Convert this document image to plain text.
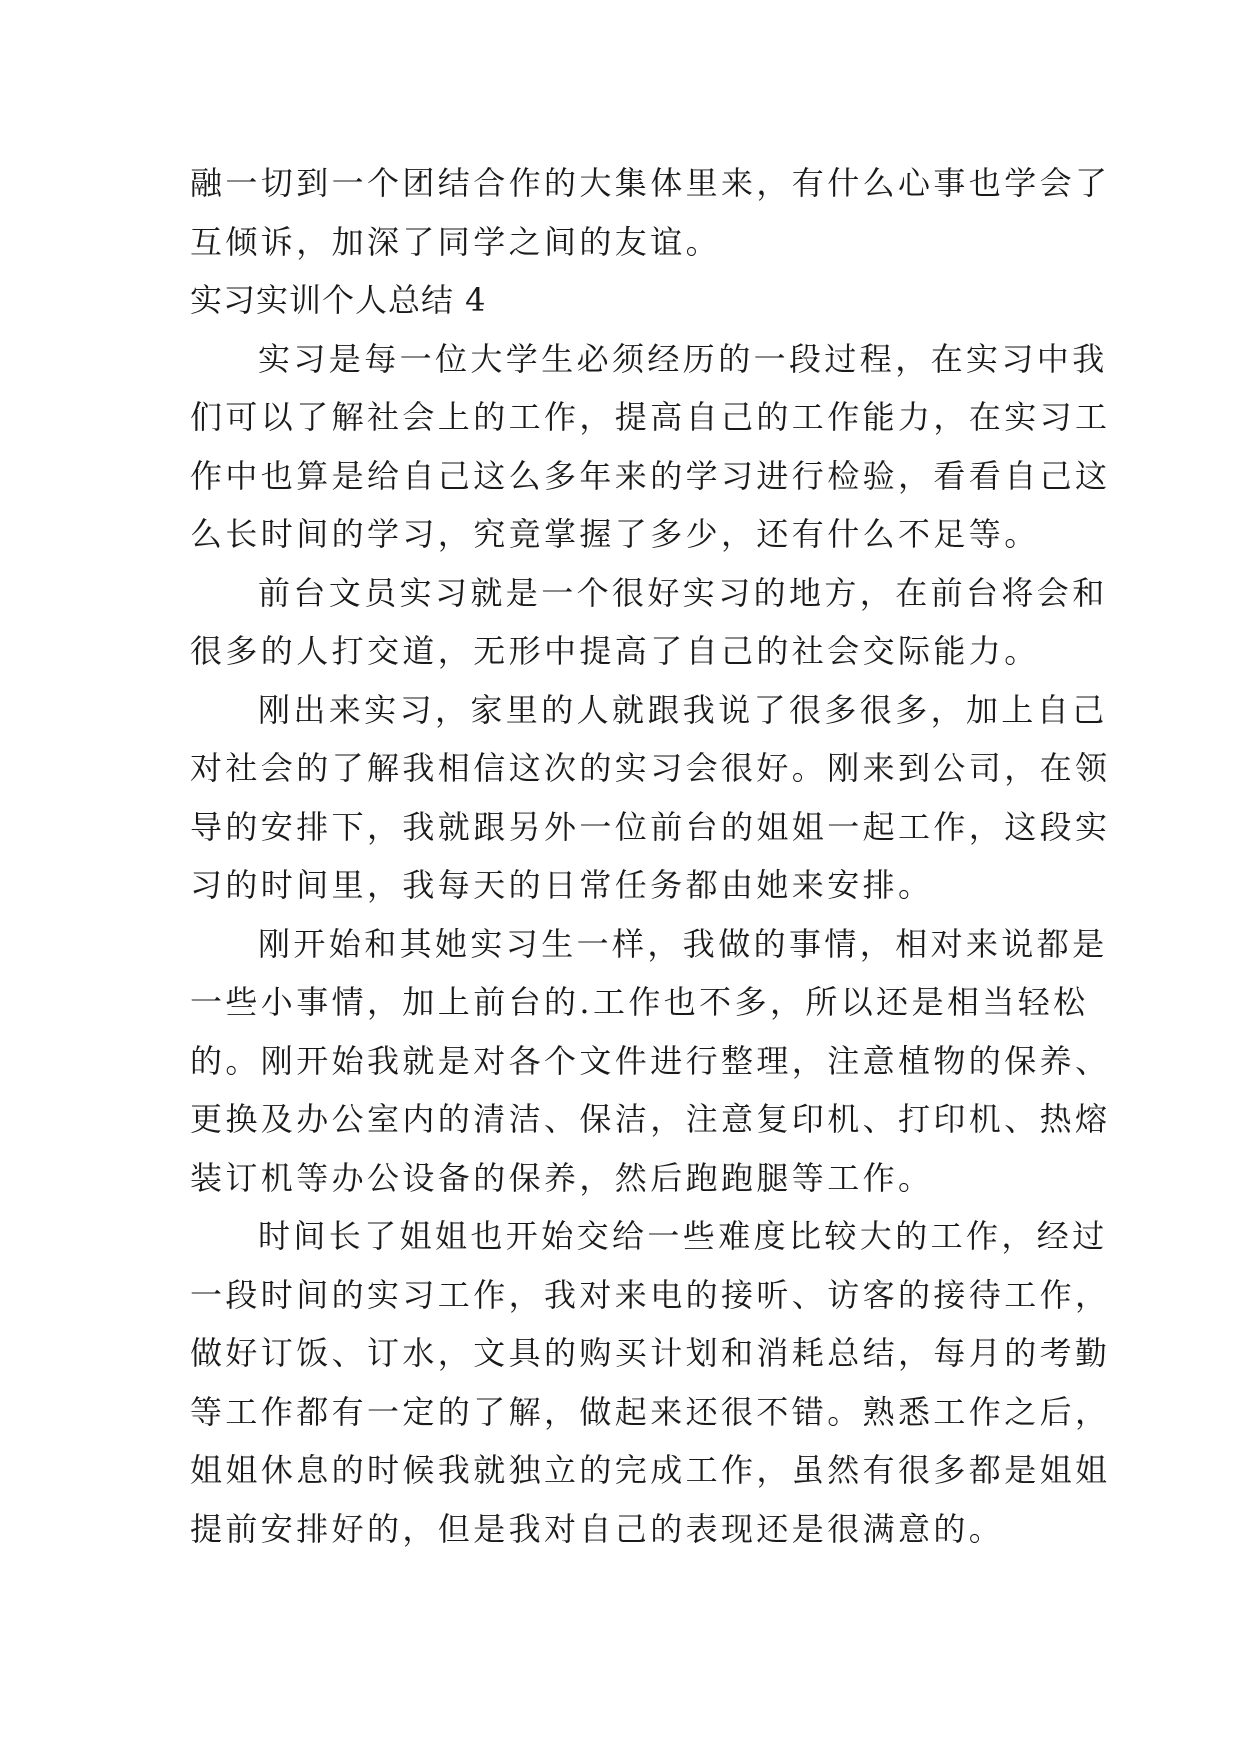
融一切到一个团结合作的大集体里来，有什么心事也学会了
互倾诉，加深了同学之间的友谊。
实习实训个人总结 4
实习是每一位大学生必须经历的一段过程，在实习中我
们可以了解社会上的工作，提高自己的工作能力，在实习工
作中也算是给自己这么多年来的学习进行检验，看看自己这
么长时间的学习，究竟掌握了多少，还有什么不足等。
前台文员实习就是一个很好实习的地方，在前台将会和
很多的人打交道，无形中提高了自己的社会交际能力。
刚出来实习，家里的人就跟我说了很多很多，加上自己
对社会的了解我相信这次的实习会很好。刚来到公司，在领
导的安排下，我就跟另外一位前台的姐姐一起工作，这段实
习的时间里，我每天的日常任务都由她来安排。
刚开始和其她实习生一样，我做的事情，相对来说都是
一些小事情，加上前台的.工作也不多，所以还是相当轻松
的。刚开始我就是对各个文件进行整理，注意植物的保养、
更换及办公室内的清洁、保洁，注意复印机、打印机、热熔
装订机等办公设备的保养，然后跑跑腿等工作。
时间长了姐姐也开始交给一些难度比较大的工作，经过
一段时间的实习工作，我对来电的接听、访客的接待工作，
做好订饭、订水，文具的购买计划和消耗总结，每月的考勤
等工作都有一定的了解，做起来还很不错。熟悉工作之后，
姐姐休息的时候我就独立的完成工作，虽然有很多都是姐姐
提前安排好的，但是我对自己的表现还是很满意的。
